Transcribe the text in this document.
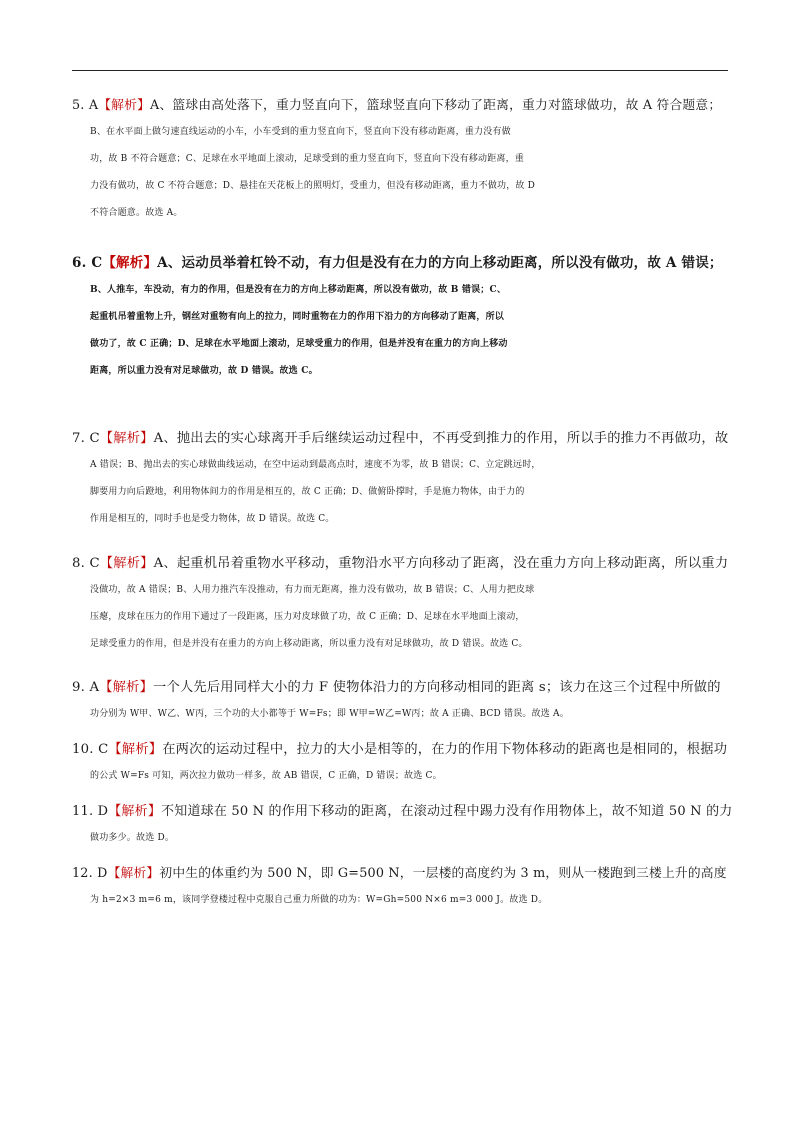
5. A【解析】A、篮球由高处落下，重力竖直向下，篮球竖直向下移动了距离，重力对篮球做功，故 A 符合题意；
B、在水平面上做匀速直线运动的小车，小车受到的重力竖直向下，竖直向下没有移动距离，重力没有做
功，故 B 不符合题意；C、足球在水平地面上滚动，足球受到的重力竖直向下，竖直向下没有移动距离，重
力没有做功，故 C 不符合题意；D、悬挂在天花板上的照明灯，受重力，但没有移动距离，重力不做功，故 D
不符合题意。故选 A。
6. C【解析】A、运动员举着杠铃不动，有力但是没有在力的方向上移动距离，所以没有做功，故 A 错误；
B、人推车，车没动，有力的作用，但是没有在力的方向上移动距离，所以没有做功，故 B 错误；C、
起重机吊着重物上升，钢丝对重物有向上的拉力，同时重物在力的作用下沿力的方向移动了距离，所以
做功了，故 C 正确；D、足球在水平地面上滚动，足球受重力的作用，但是并没有在重力的方向上移动
距离，所以重力没有对足球做功，故 D 错误。故选 C。
7. C【解析】A、抛出去的实心球离开手后继续运动过程中，不再受到推力的作用，所以手的推力不再做功，故
A 错误；B、抛出去的实心球做曲线运动，在空中运动到最高点时，速度不为零，故 B 错误；C、立定跳远时，
脚要用力向后蹬地，利用物体间力的作用是相互的，故 C 正确；D、做俯卧撑时，手是施力物体，由于力的
作用是相互的，同时手也是受力物体，故 D 错误。故选 C。
8. C【解析】A、起重机吊着重物水平移动，重物沿水平方向移动了距离，没在重力方向上移动距离，所以重力
没做功，故 A 错误；B、人用力推汽车没推动，有力而无距离，推力没有做功，故 B 错误；C、人用力把皮球
压瘪，皮球在压力的作用下通过了一段距离，压力对皮球做了功，故 C 正确；D、足球在水平地面上滚动，
足球受重力的作用，但是并没有在重力的方向上移动距离，所以重力没有对足球做功，故 D 错误。故选 C。
9. A【解析】一个人先后用同样大小的力 F 使物体沿力的方向移动相同的距离 s；该力在这三个过程中所做的
功分别为 W甲、W乙、W丙，三个功的大小都等于 W=Fs；即 W甲=W乙=W丙；故 A 正确、BCD 错误。故选 A。
10. C【解析】在两次的运动过程中，拉力的大小是相等的，在力的作用下物体移动的距离也是相同的，根据功
的公式 W=Fs 可知，两次拉力做功一样多，故 AB 错误，C 正确，D 错误；故选 C。
11. D【解析】不知道球在 50 N 的作用下移动的距离，在滚动过程中踢力没有作用物体上，故不知道 50 N 的力
做功多少。故选 D。
12. D【解析】初中生的体重约为 500 N，即 G=500 N，一层楼的高度约为 3 m，则从一楼跑到三楼上升的高度
为 h=2×3 m=6 m，该同学登楼过程中克服自己重力所做的功为：W=Gh=500 N×6 m=3 000 J。故选 D。
